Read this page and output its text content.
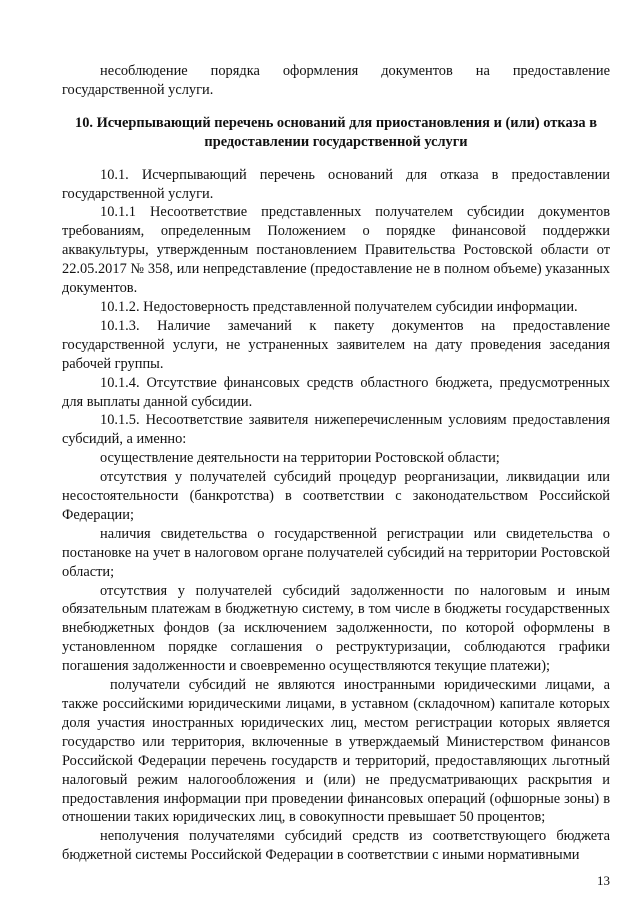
несоблюдение порядка оформления документов на предоставление государственной услуги.

10. Исчерпывающий перечень оснований для приостановления и (или) отказа в предоставлении государственной услуги

10.1. Исчерпывающий перечень оснований для отказа в предоставлении государственной услуги.

10.1.1 Несоответствие представленных получателем субсидии документов требованиям, определенным Положением о порядке финансовой поддержки аквакультуры, утвержденным постановлением Правительства Ростовской области от 22.05.2017 № 358, или непредставление (предоставление не в полном объеме) указанных документов.

10.1.2. Недостоверность представленной получателем субсидии информации.

10.1.3. Наличие замечаний к пакету документов на предоставление государственной услуги, не устраненных заявителем на дату проведения заседания рабочей группы.

10.1.4. Отсутствие финансовых средств областного бюджета, предусмотренных для выплаты данной субсидии.

10.1.5. Несоответствие заявителя нижеперечисленным условиям предоставления субсидий, а именно:

осуществление деятельности на территории Ростовской области;

отсутствия у получателей субсидий процедур реорганизации, ликвидации или несостоятельности (банкротства) в соответствии с законодательством Российской Федерации;

наличия свидетельства о государственной регистрации или свидетельства о постановке на учет в налоговом органе получателей субсидий на территории Ростовской области;

отсутствия у получателей субсидий задолженности по налоговым и иным обязательным платежам в бюджетную систему, в том числе в бюджеты государственных внебюджетных фондов (за исключением задолженности, по которой оформлены в установленном порядке соглашения о реструктуризации, соблюдаются графики погашения задолженности и своевременно осуществляются текущие платежи);

получатели субсидий не являются иностранными юридическими лицами, а также российскими юридическими лицами, в уставном (складочном) капитале которых доля участия иностранных юридических лиц, местом регистрации которых является государство или территория, включенные в утверждаемый Министерством финансов Российской Федерации перечень государств и территорий, предоставляющих льготный налоговый режим налогообложения и (или) не предусматривающих раскрытия и предоставления информации при проведении финансовых операций (офшорные зоны) в отношении таких юридических лиц, в совокупности превышает 50 процентов;

неполучения получателями субсидий средств из соответствующего бюджета бюджетной системы Российской Федерации в соответствии с иными нормативными

13
